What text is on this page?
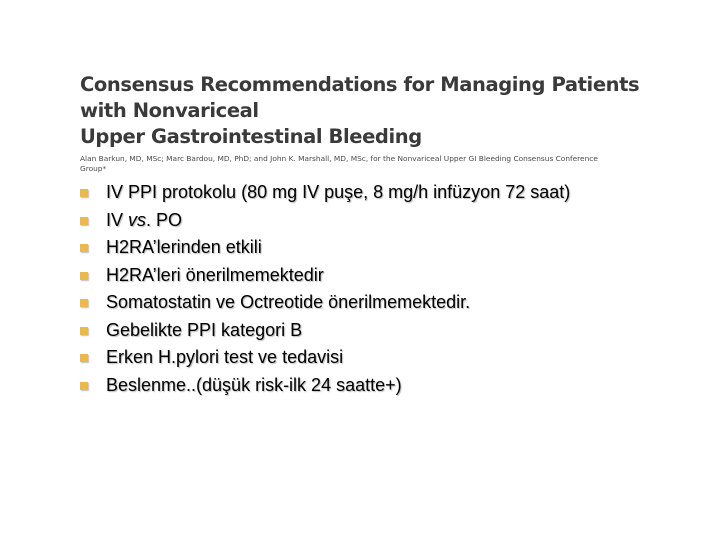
Consensus Recommendations for Managing Patients with Nonvariceal
Upper Gastrointestinal Bleeding
Alan Barkun, MD, MSc; Marc Bardou, MD, PhD; and John K. Marshall, MD, MSc, for the Nonvariceal Upper GI Bleeding Consensus Conference Group*
IV PPI protokolu (80 mg IV puşe, 8 mg/h infüzyon 72 saat)
IV vs. PO
H2RA’lerinden etkili
H2RA’leri önerilmemektedir
Somatostatin ve Octreotide önerilmemektedir.
Gebelikte PPI kategori B
Erken H.pylori test ve tedavisi
Beslenme..(düşük risk-ilk 24 saatte+)
